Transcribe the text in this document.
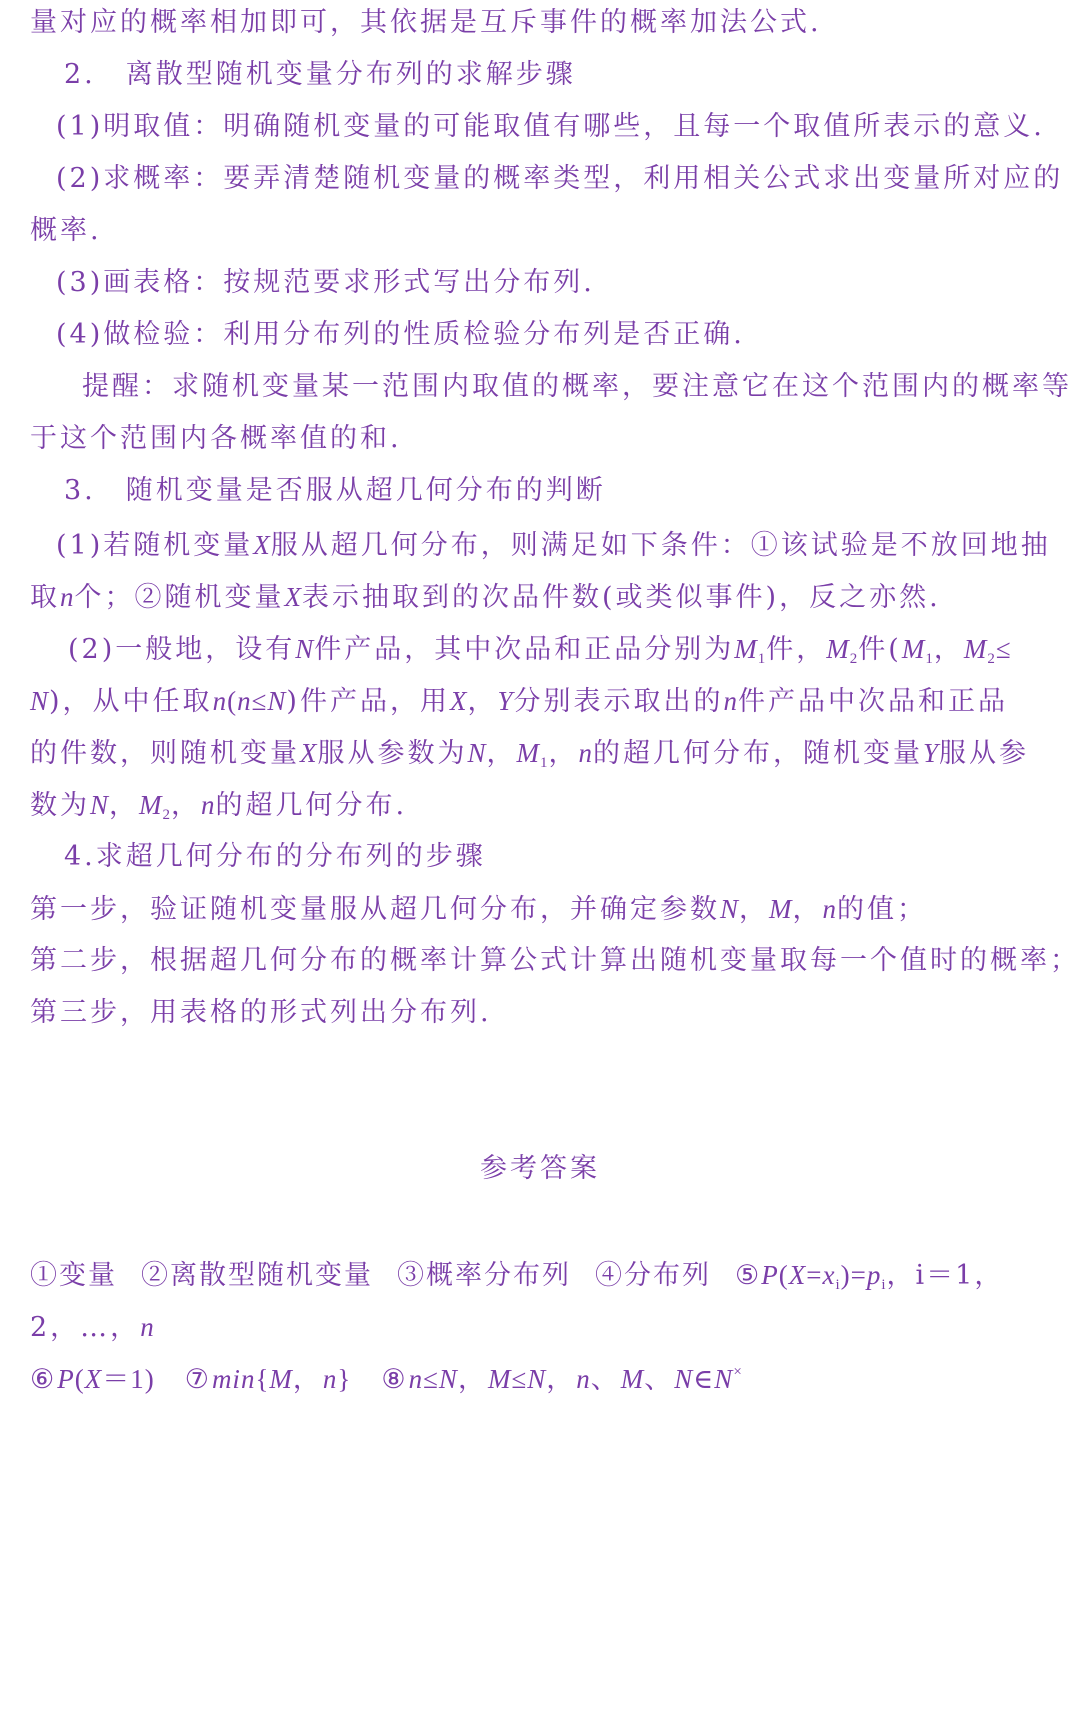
量对应的概率相加即可，其依据是互斥事件的概率加法公式.
2.　离散型随机变量分布列的求解步骤
(1)明取值：明确随机变量的可能取值有哪些，且每一个取值所表示的意义.
(2)求概率：要弄清楚随机变量的概率类型，利用相关公式求出变量所对应的
概率.
(3)画表格：按规范要求形式写出分布列.
(4)做检验：利用分布列的性质检验分布列是否正确.
提醒：求随机变量某一范围内取值的概率，要注意它在这个范围内的概率等
于这个范围内各概率值的和.
3.　随机变量是否服从超几何分布的判断
(1)若随机变量X服从超几何分布，则满足如下条件：①该试验是不放回地抽
取n个；②随机变量X表示抽取到的次品件数(或类似事件)，反之亦然.
(2)一般地，设有N件产品，其中次品和正品分别为$M_1$件，$M_2$件($M_1$，$M_2\le$
N)，从中任取n(n≤N)件产品，用X，Y分别表示取出的n件产品中次品和正品
的件数，则随机变量X服从参数为N，$M_1$，n的超几何分布，随机变量Y服从参
数为N，$M_2$，n的超几何分布.
4.求超几何分布的分布列的步骤
第一步，验证随机变量服从超几何分布，并确定参数N，M，n的值；
第二步，根据超几何分布的概率计算公式计算出随机变量取每一个值时的概率；
第三步，用表格的形式列出分布列.
参考答案
①变量 ②离散型随机变量 ③概率分布列 ④分布列 $⑤P(X=x_i)=p_i$，i＝1，
2，…，n
⑥P(X＝1) ⑦min{M，n} ⑧n≤N，M≤N，n、M、N∈N×
